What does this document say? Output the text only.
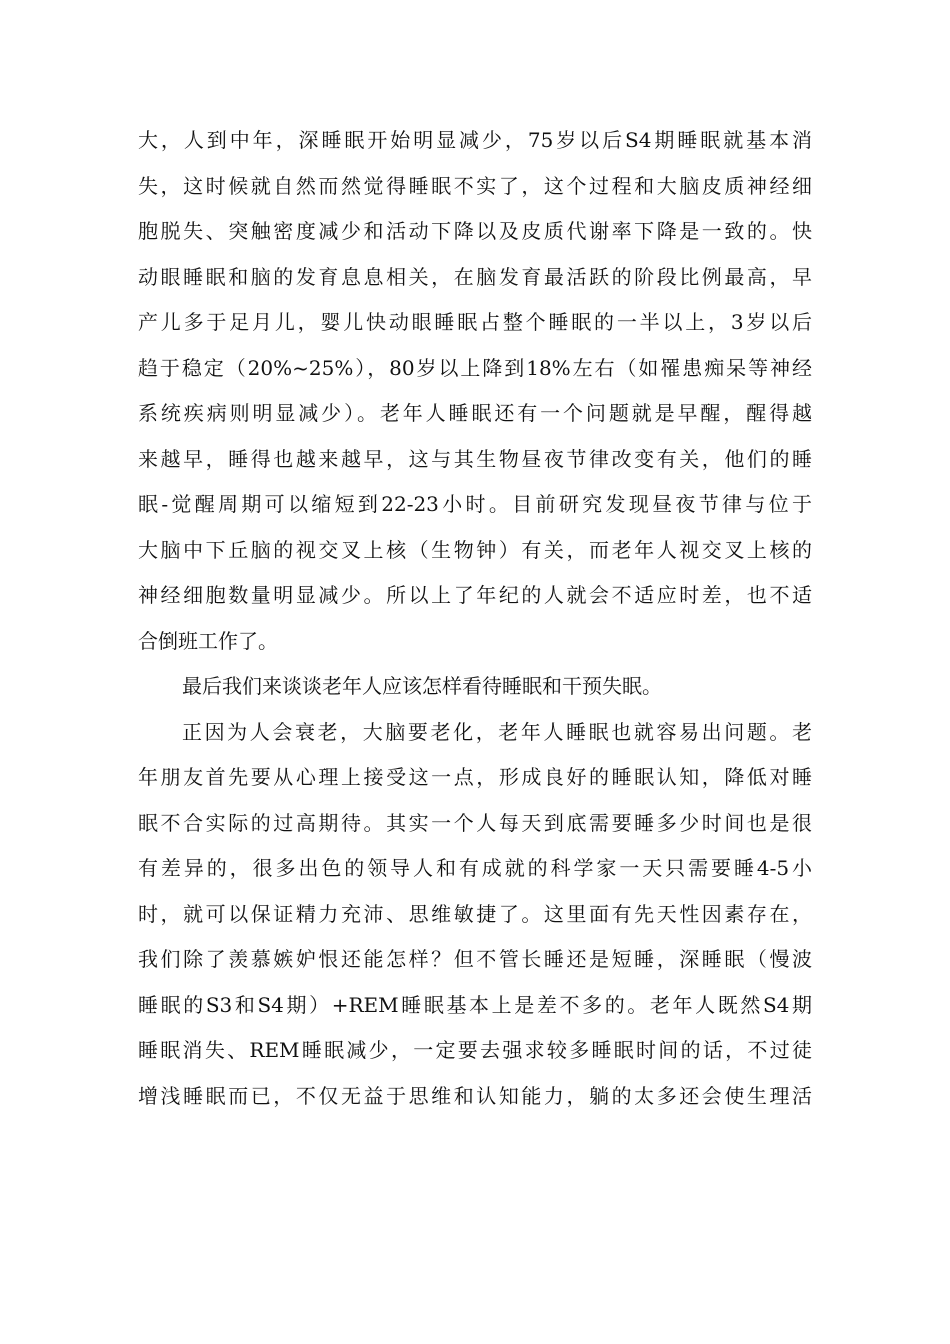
大，人到中年，深睡眠开始明显减少，75岁以后S4期睡眠就基本消
失，这时候就自然而然觉得睡眠不实了，这个过程和大脑皮质神经细
胞脱失、突触密度减少和活动下降以及皮质代谢率下降是一致的。快
动眼睡眠和脑的发育息息相关，在脑发育最活跃的阶段比例最高，早
产儿多于足月儿，婴儿快动眼睡眠占整个睡眠的一半以上，3岁以后
趋于稳定（20%~25%），80岁以上降到18%左右（如罹患痴呆等神经
系统疾病则明显减少）。老年人睡眠还有一个问题就是早醒，醒得越
来越早，睡得也越来越早，这与其生物昼夜节律改变有关，他们的睡
眠-觉醒周期可以缩短到22-23小时。目前研究发现昼夜节律与位于
大脑中下丘脑的视交叉上核（生物钟）有关，而老年人视交叉上核的
神经细胞数量明显减少。所以上了年纪的人就会不适应时差，也不适
合倒班工作了。
最后我们来谈谈老年人应该怎样看待睡眠和干预失眠。
正因为人会衰老，大脑要老化，老年人睡眠也就容易出问题。老
年朋友首先要从心理上接受这一点，形成良好的睡眠认知，降低对睡
眠不合实际的过高期待。其实一个人每天到底需要睡多少时间也是很
有差异的，很多出色的领导人和有成就的科学家一天只需要睡4-5小
时，就可以保证精力充沛、思维敏捷了。这里面有先天性因素存在，
我们除了羡慕嫉妒恨还能怎样？但不管长睡还是短睡，深睡眠（慢波
睡眠的S3和S4期）+REM睡眠基本上是差不多的。老年人既然S4期
睡眠消失、REM睡眠减少，一定要去强求较多睡眠时间的话，不过徒
增浅睡眠而已，不仅无益于思维和认知能力，躺的太多还会使生理活
